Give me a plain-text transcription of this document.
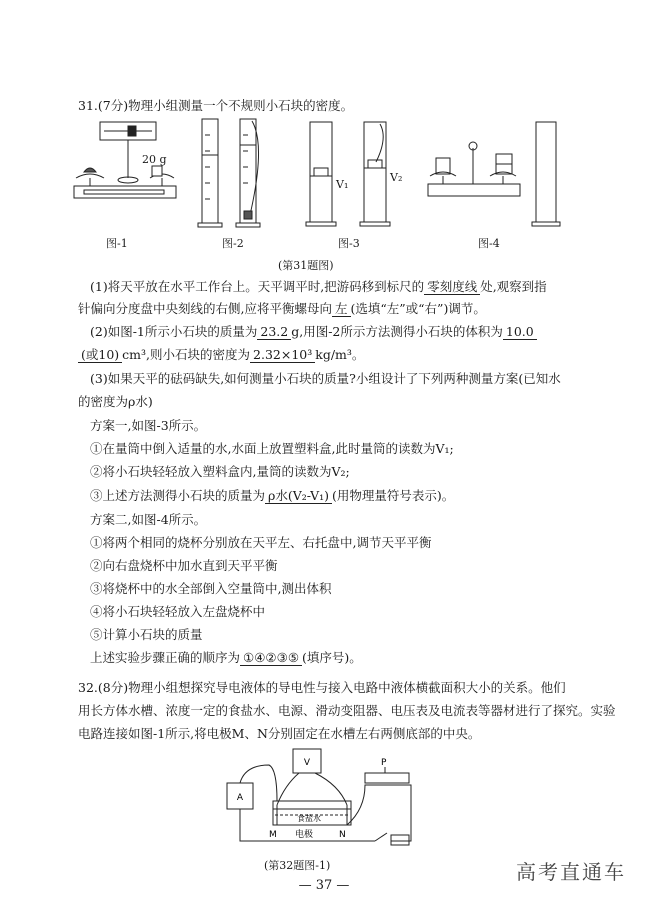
31.(7分)物理小组测量一个不规则小石块的密度。
20 g
图-1	图-2
V₁
V₂
图-3	图-4
(第31题图)
(1)将天平放在水平工作台上。天平调平时,把游码移到标尺的 零刻度线 处,观察到指
针偏向分度盘中央刻线的右侧,应将平衡螺母向 左 (选填“左”或“右”)调节。
(2)如图-1所示小石块的质量为 23.2 g,用图-2所示方法测得小石块的体积为 10.0
(或10) cm³,则小石块的密度为 2.32×10³ kg/m³。
(3)如果天平的砝码缺失,如何测量小石块的质量?小组设计了下列两种测量方案(已知水
的密度为ρ水)
方案一,如图-3所示。
①在量筒中倒入适量的水,水面上放置塑料盒,此时量筒的读数为V₁;
②将小石块轻轻放入塑料盒内,量筒的读数为V₂;
③上述方法测得小石块的质量为 ρ水(V₂-V₁) (用物理量符号表示)。
方案二,如图-4所示。
①将两个相同的烧杯分别放在天平左、右托盘中,调节天平平衡
②向右盘烧杯中加水直到天平平衡
③将烧杯中的水全部倒入空量筒中,测出体积
④将小石块轻轻放入左盘烧杯中
⑤计算小石块的质量
上述实验步骤正确的顺序为 ①④②③⑤ (填序号)。
32.(8分)物理小组想探究导电液体的导电性与接入电路中液体横截面积大小的关系。他们
用长方体水槽、浓度一定的食盐水、电源、滑动变阻器、电压表及电流表等器材进行了探究。实验
电路连接如图-1所示,将电极M、N分别固定在水槽左右两侧底部的中央。
V
A
P
食盐水
M 电极	N
(第32题图-1)
— 37 —
高考直通车
